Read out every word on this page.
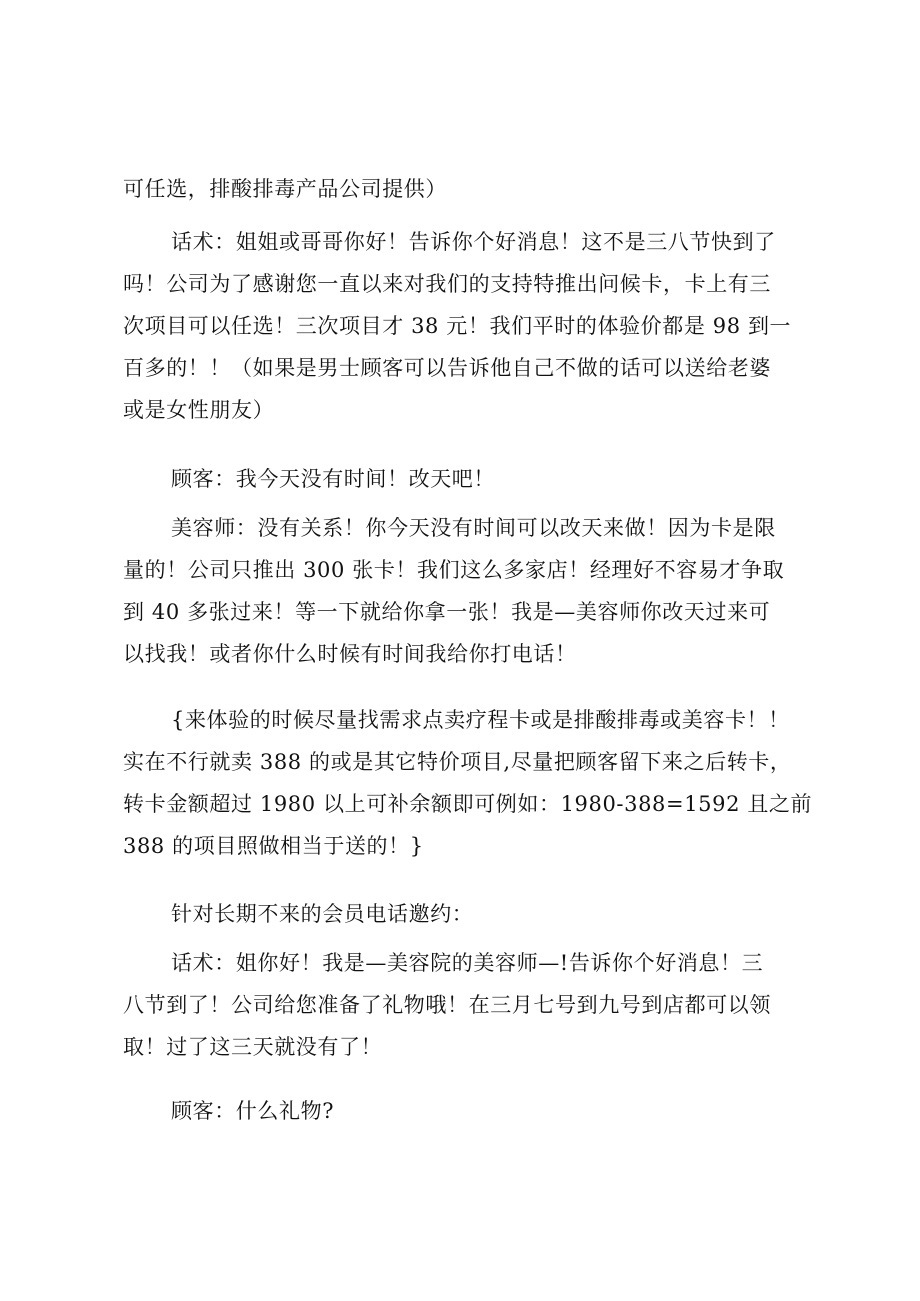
可任选，排酸排毒产品公司提供）
话术：姐姐或哥哥你好！告诉你个好消息！这不是三八节快到了
吗！公司为了感谢您一直以来对我们的支持特推出问候卡，卡上有三
次项目可以任选！三次项目才 38 元！我们平时的体验价都是 98 到一
百多的！！（如果是男士顾客可以告诉他自己不做的话可以送给老婆
或是女性朋友）
顾客：我今天没有时间！改天吧！
美容师：没有关系！你今天没有时间可以改天来做！因为卡是限
量的！公司只推出 300 张卡！我们这么多家店！经理好不容易才争取
到 40 多张过来！等一下就给你拿一张！我是—美容师你改天过来可
以找我！或者你什么时候有时间我给你打电话！
{来体验的时候尽量找需求点卖疗程卡或是排酸排毒或美容卡！！
实在不行就卖 388 的或是其它特价项目,尽量把顾客留下来之后转卡，
转卡金额超过 1980 以上可补余额即可例如：1980-388=1592 且之前
388 的项目照做相当于送的！}
针对长期不来的会员电话邀约：
话术：姐你好！我是—美容院的美容师—!告诉你个好消息！三
八节到了！公司给您准备了礼物哦！在三月七号到九号到店都可以领
取！过了这三天就没有了！
顾客：什么礼物?
